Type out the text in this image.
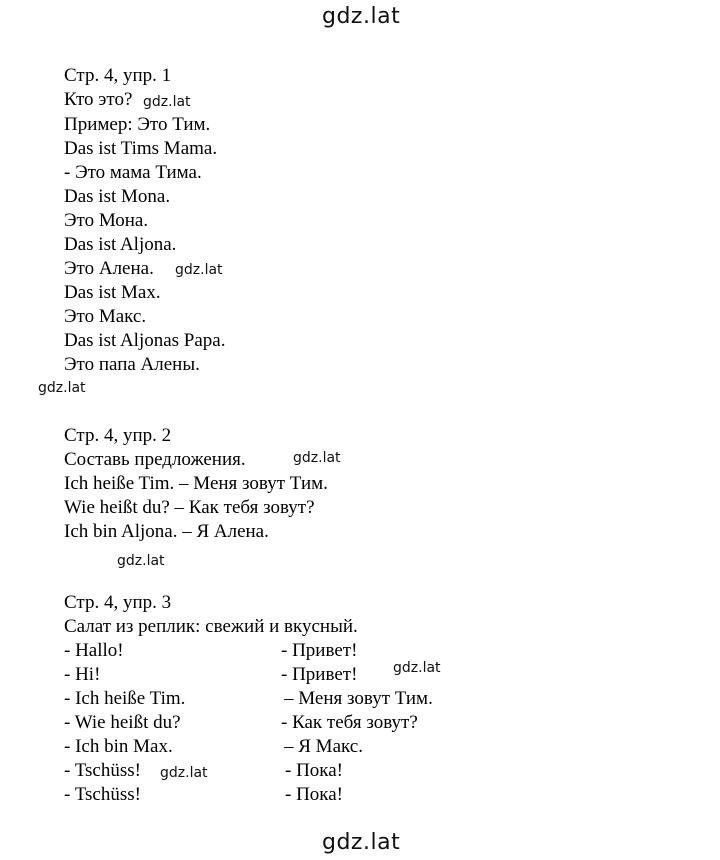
gdz.lat
gdz.lat
gdz.lat
gdz.lat
gdz.lat
gdz.lat
gdz.lat
gdz.lat
gdz.lat
Стр. 4, упр. 1
Кто это?
Пример: Это Тим.
Das ist Tims Mama.
- Это мама Тима.
Das ist Mona.
Это Мона.
Das ist Aljona.
Это Алена.
Das ist Max.
Это Макс.
Das ist Aljonas Papa.
Это папа Алены.
Стр. 4, упр. 2
Составь предложения.
Ich heiße Tim. – Меня зовут Тим.
Wie heißt du? – Как тебя зовут?
Ich bin Aljona. – Я Алена.
Стр. 4, упр. 3
Салат из реплик: свежий и вкусный.
- Hallo!	- Привет!
- Hi!	- Привет!
- Ich heiße Tim.	– Меня зовут Тим.
- Wie heißt du?	- Как тебя зовут?
- Ich bin Max.	– Я Макс.
- Tschüss!	- Пока!
- Tschüss!	- Пока!
